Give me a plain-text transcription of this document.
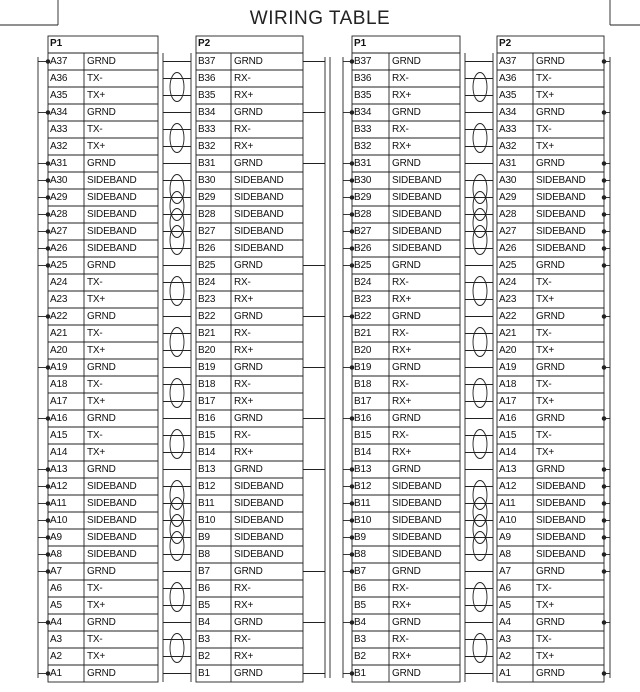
WIRING TABLE
P1
A37 GRND
A36 TX-
A35 TX+
A34 GRND
A33 TX-
A32 TX+
A31 GRND
A30 SIDEBAND
A29 SIDEBAND
A28 SIDEBAND
A27 SIDEBAND
A26 SIDEBAND
A25 GRND
A24 TX-
A23 TX+
A22 GRND
A21 TX-
A20 TX+
A19 GRND
A18 TX-
A17 TX+
A16 GRND
A15 TX-
A14 TX+
A13 GRND
A12 SIDEBAND
A11 SIDEBAND
A10 SIDEBAND
A9	SIDEBAND
A8	SIDEBAND
A7	GRND
A6	TX-
A5	TX+
A4	GRND
A3	TX-
A2	TX+
A1	GRND
P2
B37 GRND
B36 RX-
B35 RX+
B34 GRND
B33 RX-
B32 RX+
B31 GRND
B30 SIDEBAND
B29 SIDEBAND
B28 SIDEBAND
B27 SIDEBAND
B26 SIDEBAND
B25 GRND
B24 RX-
B23 RX+
B22 GRND
B21 RX-
B20 RX+
B19 GRND
B18 RX-
B17 RX+
B16 GRND
B15 RX-
B14 RX+
B13 GRND
B12 SIDEBAND
B11 SIDEBAND
B10 SIDEBAND
B9 SIDEBAND
B8 SIDEBAND
B7 GRND
B6 RX-
B5 RX+
B4 GRND
B3 RX-
B2 RX+
B1 GRND
P1
B37 GRND
B36 RX-
B35 RX+
B34 GRND
B33 RX-
B32 RX+
B31 GRND
B30 SIDEBAND
B29 SIDEBAND
B28 SIDEBAND
B27 SIDEBAND
B26 SIDEBAND
B25 GRND
B24 RX-
B23 RX+
B22 GRND
B21 RX-
B20 RX+
B19 GRND
B18 RX-
B17 RX+
B16 GRND
B15 RX-
B14 RX+
B13 GRND
B12 SIDEBAND
B11 SIDEBAND
B10 SIDEBAND
B9	SIDEBAND
B8	SIDEBAND
B7	GRND
B6	RX-
B5	RX+
B4	GRND
B3	RX-
B2	RX+
B1	GRND
P2
A37 GRND
A36 TX-
A35 TX+
A34 GRND
A33 TX-
A32 TX+
A31 GRND
A30 SIDEBAND
A29 SIDEBAND
A28 SIDEBAND
A27 SIDEBAND
A26 SIDEBAND
A25 GRND
A24 TX-
A23 TX+
A22 GRND
A21 TX-
A20 TX+
A19 GRND
A18 TX-
A17 TX+
A16 GRND
A15 TX-
A14 TX+
A13 GRND
A12 SIDEBAND
A11 SIDEBAND
A10 SIDEBAND
A9	SIDEBAND
A8	SIDEBAND
A7	GRND
A6	TX-
A5	TX+
A4	GRND
A3	TX-
A2	TX+
A1	GRND
